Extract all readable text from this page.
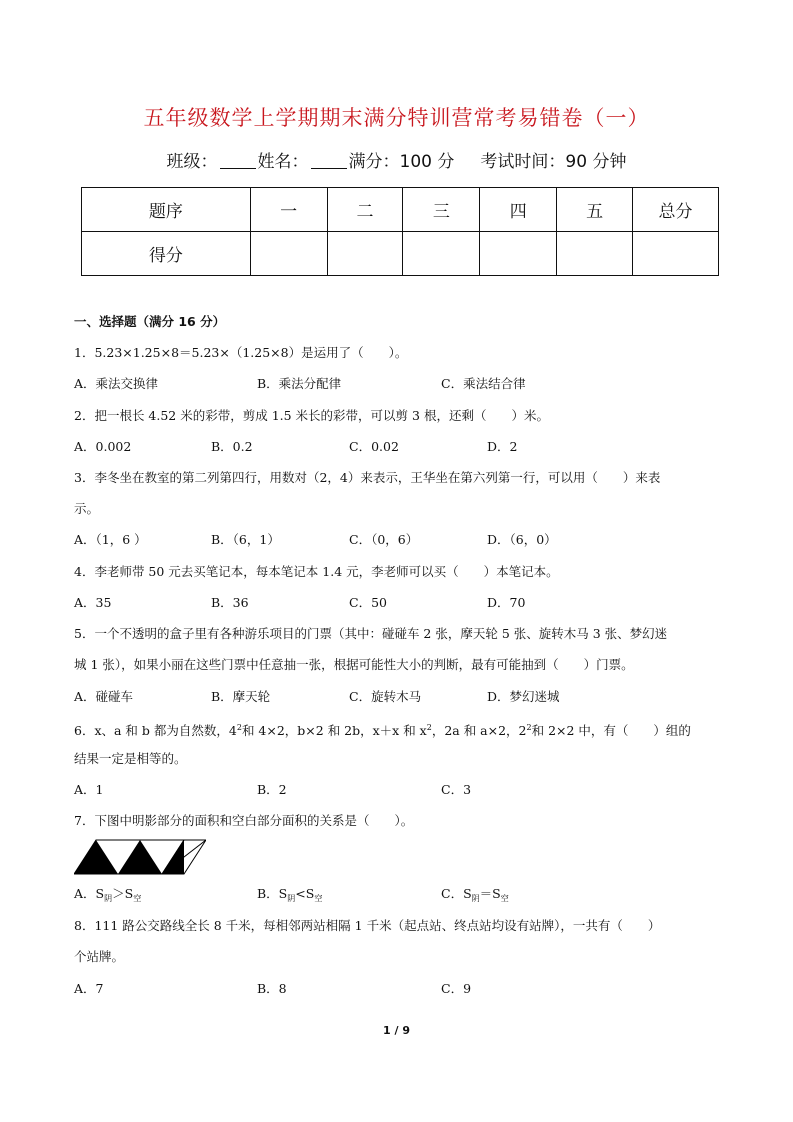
五年级数学上学期期末满分特训营常考易错卷（一）
班级： 姓名： 满分：100 分 考试时间：90 分钟
题序	一	二	三	四	五	总分
得分						
一、选择题（满分 16 分）
1．5.23×1.25×8＝5.23×（1.25×8）是运用了（　　）。
A．乘法交换律	B．乘法分配律	C．乘法结合律
2．把一根长 4.52 米的彩带，剪成 1.5 米长的彩带，可以剪 3 根，还剩（　　）米。
A．0.002	B．0.2	C．0.02	D．2
3．李冬坐在教室的第二列第四行，用数对（2，4）来表示，王华坐在第六列第一行，可以用（　　）来表
示。
A．（1，6 ）	B．（6，1）	C．（0，6）	D．（6，0）
4．李老师带 50 元去买笔记本，每本笔记本 1.4 元，李老师可以买（　　）本笔记本。
A．35	B．36	C．50	D．70
5．一个不透明的盒子里有各种游乐项目的门票（其中：碰碰车 2 张，摩天轮 5 张、旋转木马 3 张、梦幻迷
城 1 张），如果小丽在这些门票中任意抽一张，根据可能性大小的判断，最有可能抽到（　　）门票。
A．碰碰车	B．摩天轮	C．旋转木马	D．梦幻迷城
6．x、a 和 b 都为自然数，$4^2$和 4×2，b×2 和 2b，x＋x 和 $x^2$，2a 和 a×2，$2^2$和 2×2 中，有（　　）组的
结果一定是相等的。
A．1	B．2	C．3
7．下图中明影部分的面积和空白部分面积的关系是（　　）。
A．$S_阴>S_空$	B．$S_阴<S_空$	C．$S_阴=S_空$
8．111 路公交路线全长 8 千米，每相邻两站相隔 1 千米（起点站、终点站均设有站牌），一共有（　　）
个站牌。
A．7	B．8	C．9
1 / 9
